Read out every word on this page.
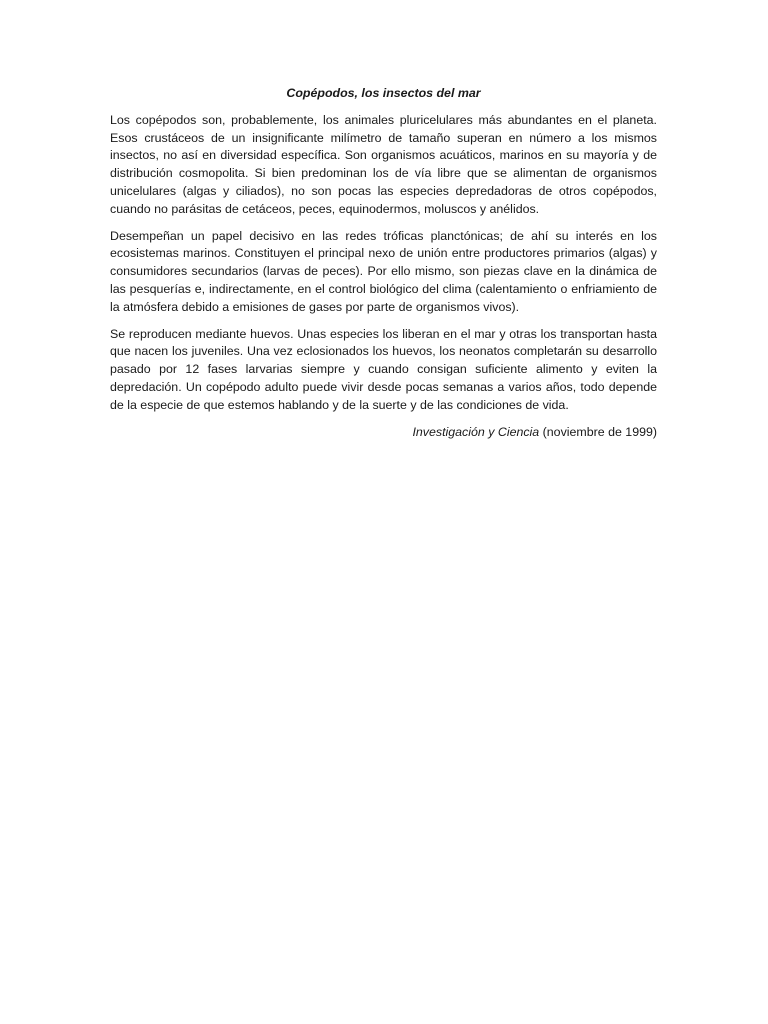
Copépodos, los insectos del mar

Los copépodos son, probablemente, los animales pluricelulares más abundantes en el planeta. Esos crustáceos de un insignificante milímetro de tamaño superan en número a los mismos insectos, no así en diversidad específica. Son organismos acuáticos, marinos en su mayoría y de distribución cosmopolita. Si bien predominan los de vía libre que se alimentan de organismos unicelulares (algas y ciliados), no son pocas las especies depredadoras de otros copépodos, cuando no parásitas de cetáceos, peces, equinodermos, moluscos y anélidos.

Desempeñan un papel decisivo en las redes tróficas planctónicas; de ahí su interés en los ecosistemas marinos. Constituyen el principal nexo de unión entre productores primarios (algas) y consumidores secundarios (larvas de peces). Por ello mismo, son piezas clave en la dinámica de las pesquerías e, indirectamente, en el control biológico del clima (calentamiento o enfriamiento de la atmósfera debido a emisiones de gases por parte de organismos vivos).

Se reproducen mediante huevos. Unas especies los liberan en el mar y otras los transportan hasta que nacen los juveniles. Una vez eclosionados los huevos, los neonatos completarán su desarrollo pasado por 12 fases larvarias siempre y cuando consigan suficiente alimento y eviten la depredación. Un copépodo adulto puede vivir desde pocas semanas a varios años, todo depende de la especie de que estemos hablando y de la suerte y de las condiciones de vida.

Investigación y Ciencia (noviembre de 1999)
